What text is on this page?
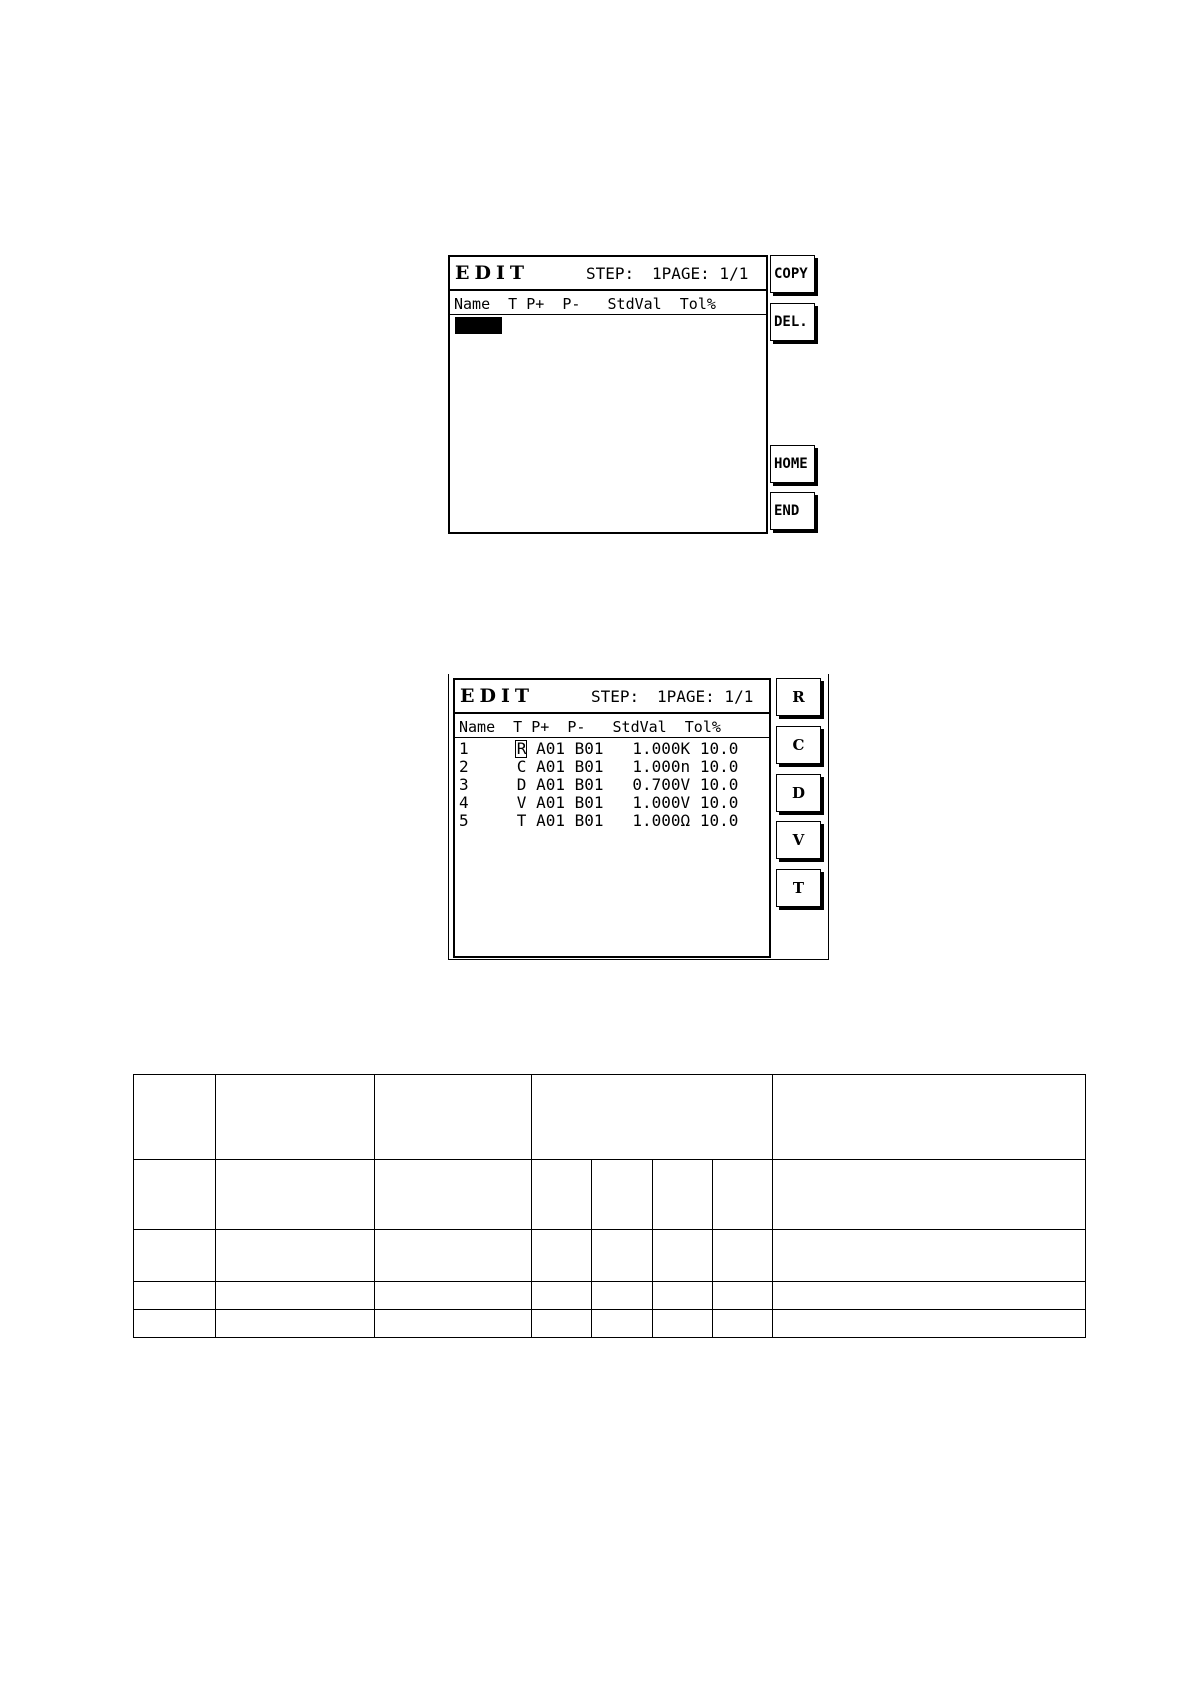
EDIT	STEP: 1PAGE: 1/1
Name  T P+  P-   StdVal  Tol%
COPY
DEL.
HOME
END
EDIT	STEP: 1PAGE: 1/1
Name  T P+  P-   StdVal  Tol%
1     R A01 B01   1.000K 10.0
2     C A01 B01   1.000n 10.0
3     D A01 B01   0.700V 10.0
4     V A01 B01   1.000V 10.0
5     T A01 B01   1.000Ω 10.0
R
C
D
V
T
